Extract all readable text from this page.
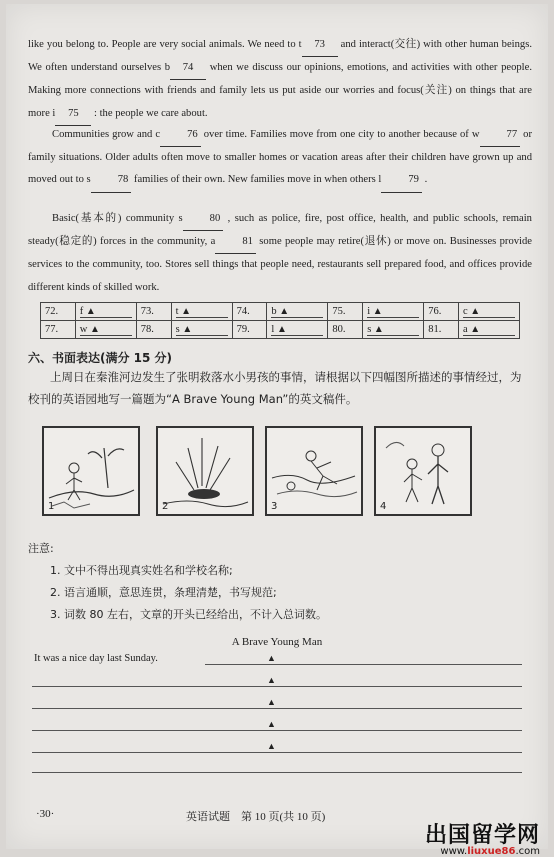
like you belong to. People are very social animals. We need to t 73 and interact(交往) with other human beings. We often understand ourselves b 74 when we discuss our opinions, emotions, and activities with other people. Making more connections with friends and family lets us put aside our worries and focus(关注) on things that are more i 75 : the people we care about.

Communities grow and c	76 over time. Families move from one city to another because of w	77 or family situations. Older adults often move to smaller homes or vacation areas after their children have grown up and moved out to s	78 families of their own. New families move in when others l	79 .

Basic(基本的) community s	80 , such as police, fire, post office, health, and public schools, remain steady(稳定的) forces in the community, a	81 some people may retire(退休) or move on. Businesses provide services to the community, too. Stores sell things that people need, restaurants sell prepared food, and offices provide different kinds of skilled work.

72.	f ▲	73.	t ▲	74.	b ▲	75.	i ▲	76.	c ▲
77.	w ▲	78.	s ▲	79.	l ▲	80.	s ▲	81.	a ▲
六、书面表达(满分 15 分)
上周日在秦淮河边发生了张明救落水小男孩的事情，请根据以下四幅图所描述的事情经过，为校刊的英语园地写一篇题为“A Brave Young Man”的英文稿件。
1	2	3	4
注意:
1. 文中不得出现真实姓名和学校名称;
2. 语言通顺，意思连贯，条理清楚，书写规范;
3. 词数 80 左右，文章的开头已经给出，不计入总词数。
A Brave Young Man
It was a nice day last Sunday.	▲
▲
▲
▲
▲
·30·	英语试题　第 10 页(共 10 页)
出国留学网
www.liuxue86.com
